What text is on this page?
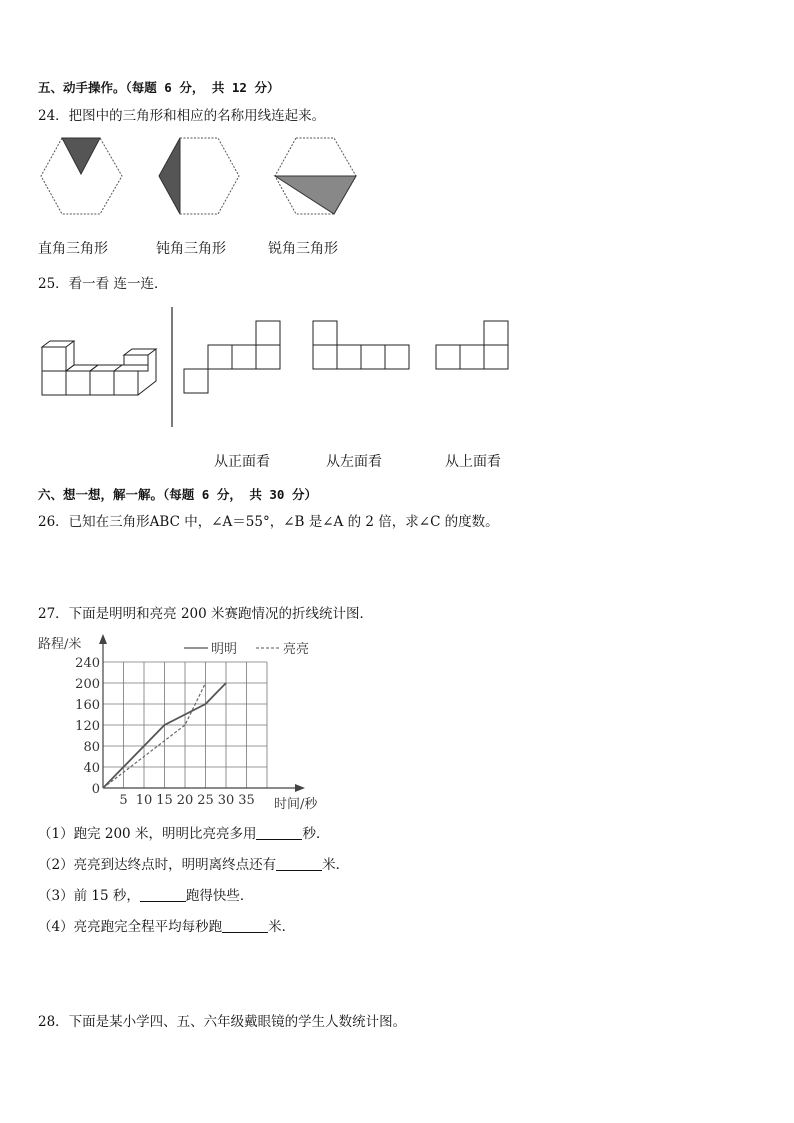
五、动手操作。（每题 6 分， 共 12 分）
24．把图中的三角形和相应的名称用线连起来。
直角三角形	钝角三角形	锐角三角形
25．看一看 连一连．
从正面看	从左面看	从上面看
六、想一想，解一解。（每题 6 分， 共 30 分）
26．已知在三角形ABC 中，∠A＝55°，∠B 是∠A 的 2 倍，求∠C 的度数。
27．下面是明明和亮亮 200 米赛跑情况的折线统计图．
5 10 15 20 25 30 35
0
40
80
120
160
200
240
明明	亮亮
路程/米
时间/秒
（1）跑完 200 米，明明比亮亮多用	秒．
（2）亮亮到达终点时，明明离终点还有	米．
（3）前 15 秒，	跑得快些．
（4）亮亮跑完全程平均每秒跑	米．
28．下面是某小学四、五、六年级戴眼镜的学生人数统计图。
